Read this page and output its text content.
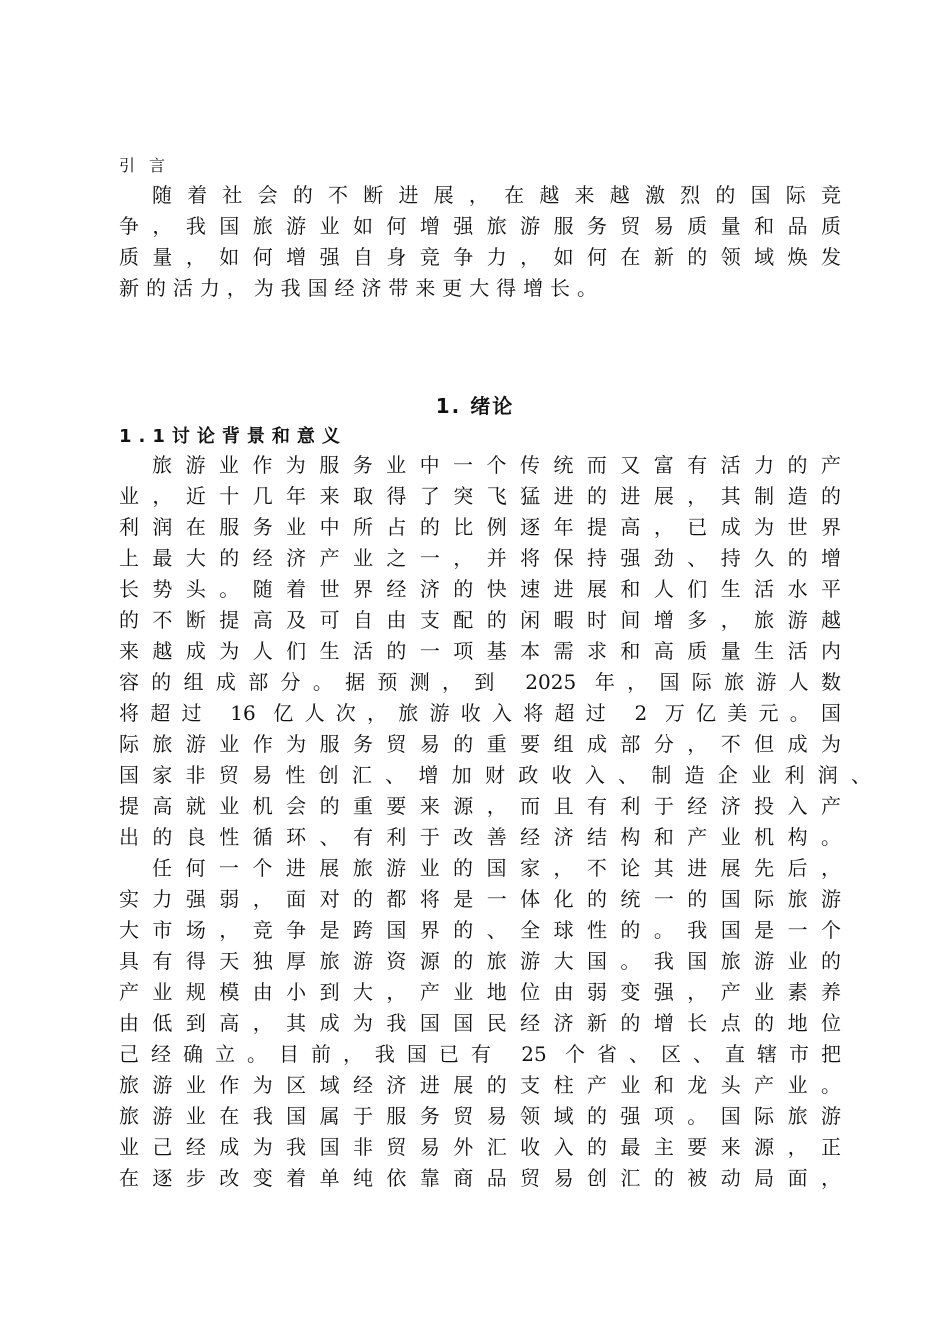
引言
随着社会的不断进展，在越来越激烈的国际竞
争，我国旅游业如何增强旅游服务贸易质量和品质
质量，如何增强自身竞争力，如何在新的领域焕发
新的活力，为我国经济带来更大得增长。
1. 绪论
1.1讨论背景和意义
旅游业作为服务业中一个传统而又富有活力的产
业，近十几年来取得了突飞猛进的进展，其制造的
利润在服务业中所占的比例逐年提高，已成为世界
上最大的经济产业之一，并将保持强劲、持久的增
长势头。随着世界经济的快速进展和人们生活水平
的不断提高及可自由支配的闲暇时间增多，旅游越
来越成为人们生活的一项基本需求和高质量生活内
容的组成部分。据预测，到 2025 年，国际旅游人数
将超过 16 亿人次，旅游收入将超过 2 万亿美元。国
际旅游业作为服务贸易的重要组成部分，不但成为
国家非贸易性创汇、增加财政收入、制造企业利润、
提高就业机会的重要来源，而且有利于经济投入产
出的良性循环、有利于改善经济结构和产业机构。
任何一个进展旅游业的国家，不论其进展先后，
实力强弱，面对的都将是一体化的统一的国际旅游
大市场，竞争是跨国界的、全球性的。我国是一个
具有得天独厚旅游资源的旅游大国。我国旅游业的
产业规模由小到大，产业地位由弱变强，产业素养
由低到高，其成为我国国民经济新的增长点的地位
己经确立。目前，我国已有 25 个省、区、直辖市把
旅游业作为区域经济进展的支柱产业和龙头产业。
旅游业在我国属于服务贸易领域的强项。国际旅游
业己经成为我国非贸易外汇收入的最主要来源，正
在逐步改变着单纯依靠商品贸易创汇的被动局面，
